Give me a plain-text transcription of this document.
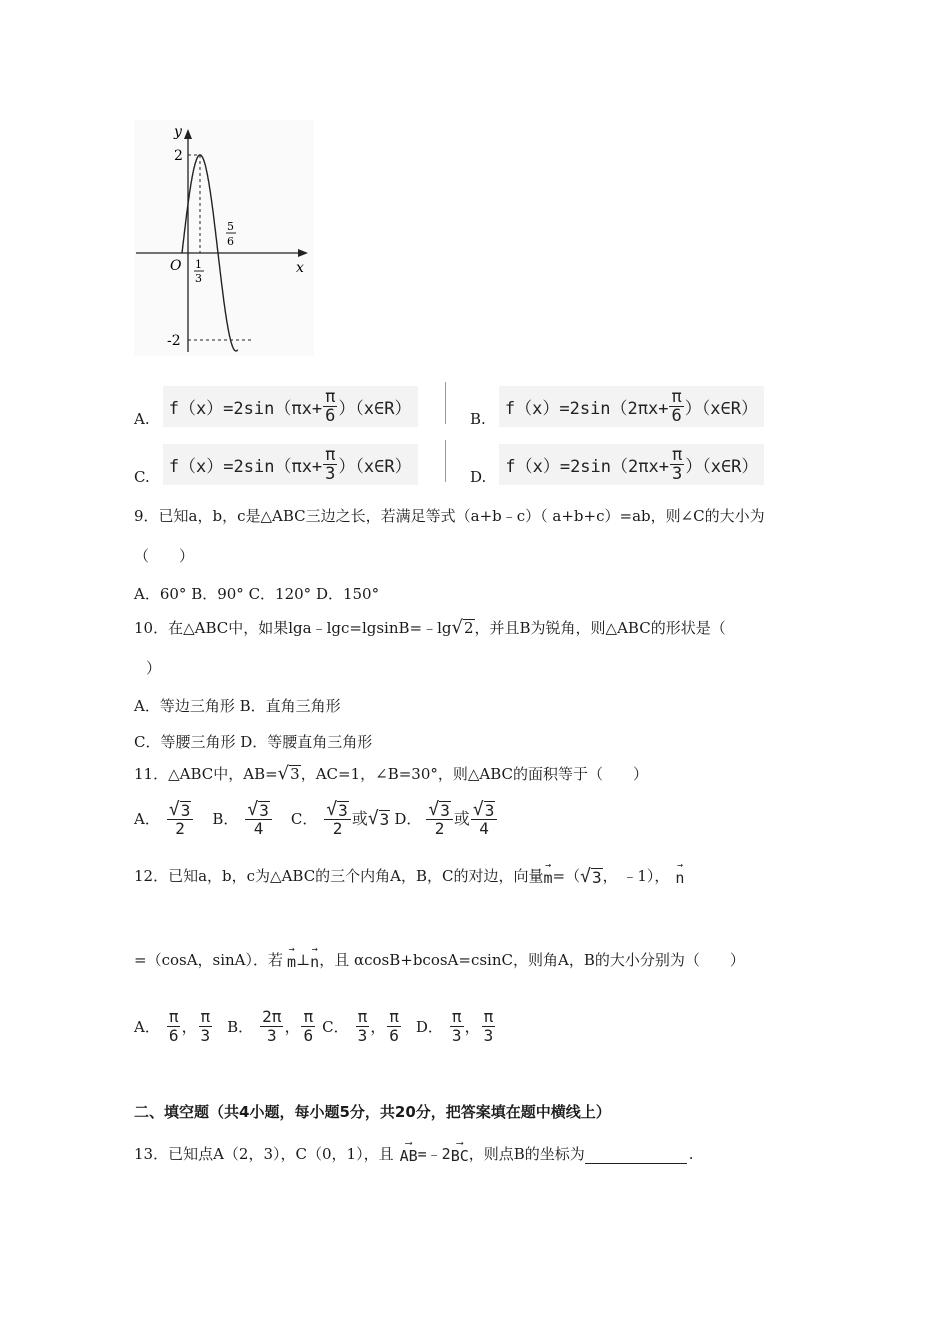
y
x
O
2
-2
1
3
5
6
A. $f(x)=2\sin(\pi x+ \frac{\pi}{6}$ ）（x∈R）	B. $f(x)=2\sin(2\pi x+ \frac{\pi}{6}$ ）（x∈R）
C. $f(x)=2\sin(\pi x+ \frac{\pi}{3}$ ）（x∈R）	D. $f(x)=2\sin(2\pi x+ \frac{\pi}{3}$ ）（x∈R）
9．已知a，b，c是△ABC三边之长，若满足等式（a+b﹣c）（ a+b+c）=ab，则∠C的大小为
（　　）
A．60° B．90° C．120° D．150°
10．在△ABC中，如果lga﹣lgc=lgsinB=﹣lg √ 2 ，并且B为锐角，则△ABC的形状是（
）
A．等边三角形 B．直角三角形
C．等腰三角形 D．等腰直角三角形
11．△ABC中，AB= √ 3 ，AC=1，∠B=30°，则△ABC的面积等于（　　）
A． $\frac{√ 3}{2}$ B． $\frac{√ 3}{4}$ C． $\frac{√ 3}{2}$ 或 √ 3 D． $\frac{√ 3}{2}$ 或 $\frac{√ 3}{4}$
12．已知a，b，c为△ABC的三个内角A，B，C的对边，向量
→
m =（ √ 3 ， ﹣1），
→
n
=（cosA，sinA）．若
→
m ⊥
→
n ，且 αcosB+bcosA=csinC，则角A，B的大小分别为（　　）
A． $\frac{\pi}{6}$ ， $\frac{\pi}{3}$ B． $\frac{2\pi}{3}$ ， $\frac{\pi}{6}$ C． $\frac{\pi}{3}$ ， $\frac{\pi}{6}$ D． $\frac{\pi}{3}$ ， $\frac{\pi}{3}$
二、填空题（共4小题，每小题5分，共20分，把答案填在题中横线上）
13．已知点A（2，3），C（0，1），且
⟶
AB =﹣2
⟶
BC ，则点B的坐标为	.
